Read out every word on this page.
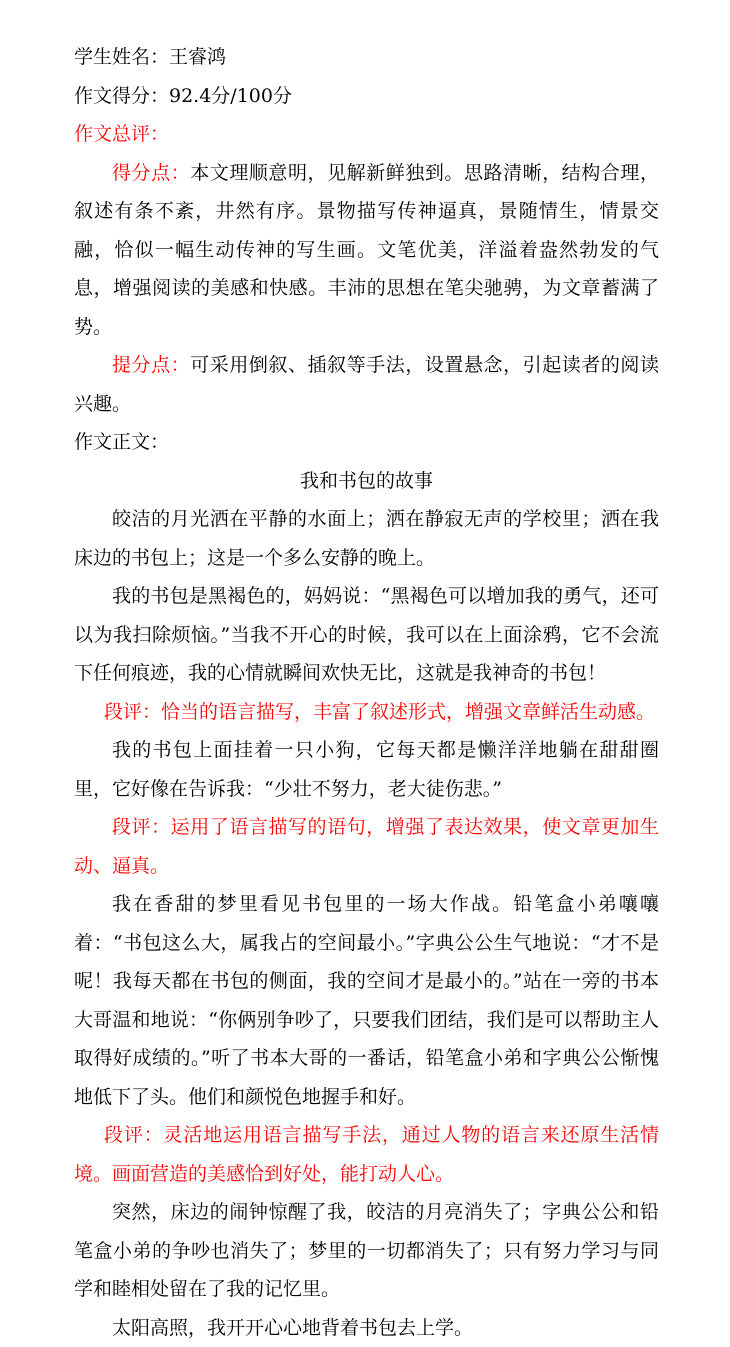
学生姓名：王睿鸿

作文得分：92.4分/100分

作文总评：

得分点：本文理顺意明，见解新鲜独到。思路清晰，结构合理，叙述有条不紊，井然有序。景物描写传神逼真，景随情生，情景交融，恰似一幅生动传神的写生画。文笔优美，洋溢着盎然勃发的气息，增强阅读的美感和快感。丰沛的思想在笔尖驰骋，为文章蓄满了势。

提分点：可采用倒叙、插叙等手法，设置悬念，引起读者的阅读兴趣。

作文正文：

我和书包的故事

皎洁的月光洒在平静的水面上；洒在静寂无声的学校里；洒在我床边的书包上；这是一个多么安静的晚上。

我的书包是黑褐色的，妈妈说：“黑褐色可以增加我的勇气，还可以为我扫除烦恼。”当我不开心的时候，我可以在上面涂鸦，它不会流下任何痕迹，我的心情就瞬间欢快无比，这就是我神奇的书包！

段评：恰当的语言描写，丰富了叙述形式，增强文章鲜活生动感。

我的书包上面挂着一只小狗，它每天都是懒洋洋地躺在甜甜圈里，它好像在告诉我：“少壮不努力，老大徒伤悲。”

段评：运用了语言描写的语句，增强了表达效果，使文章更加生动、逼真。

我在香甜的梦里看见书包里的一场大作战。铅笔盒小弟嚷嚷着：“书包这么大，属我占的空间最小。”字典公公生气地说：“才不是呢！我每天都在书包的侧面，我的空间才是最小的。”站在一旁的书本大哥温和地说：“你俩别争吵了，只要我们团结，我们是可以帮助主人取得好成绩的。”听了书本大哥的一番话，铅笔盒小弟和字典公公惭愧地低下了头。他们和颜悦色地握手和好。

段评：灵活地运用语言描写手法，通过人物的语言来还原生活情境。画面营造的美感恰到好处，能打动人心。

突然，床边的闹钟惊醒了我，皎洁的月亮消失了；字典公公和铅笔盒小弟的争吵也消失了；梦里的一切都消失了；只有努力学习与同学和睦相处留在了我的记忆里。

太阳高照，我开开心心地背着书包去上学。
